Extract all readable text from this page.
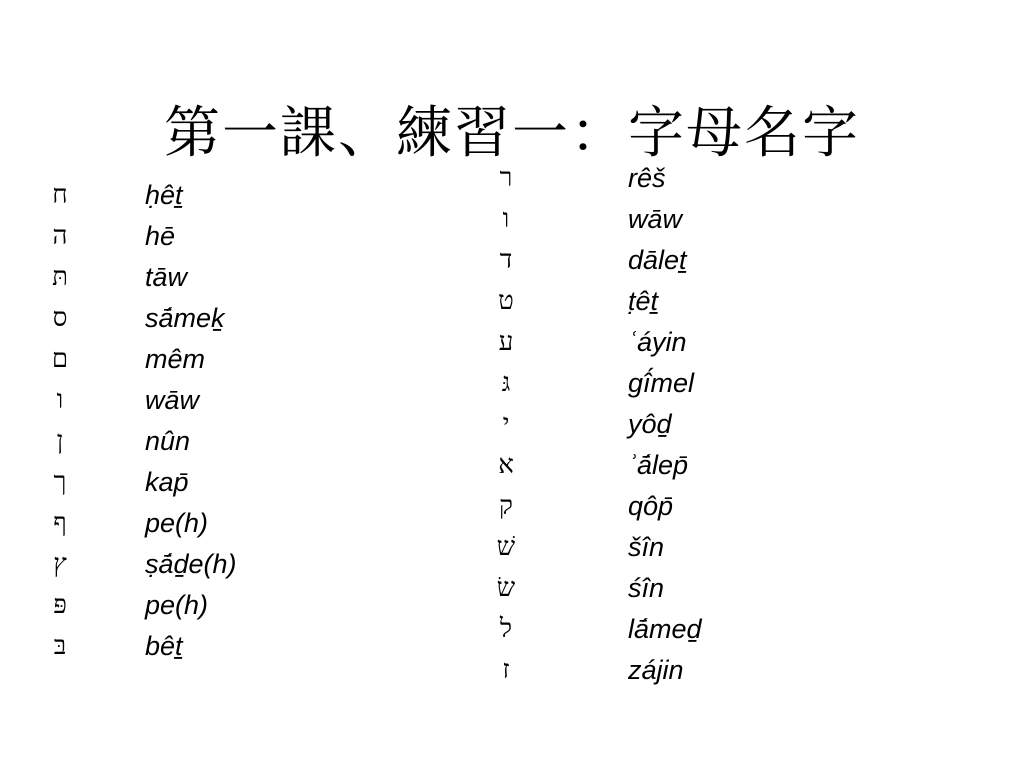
第一課、練習一：字母名字
ח	ḥêṯ
ה	hē
תּ	tāw
ס	sā́meḵ
ם	mêm
ו	wāw
ן	nûn
ך	kap̄
ף	pe(h)
ץ	ṣā́ḏe(h)
פּ	pe(h)
בּ	bêṯ
ר	rêš
ו	wāw
ד	dāleṯ
ט	ṭêṯ
ע	ʿáyin
גּ	gî́mel
י	yôḏ
א	ʾā́lep̄
ק	qôp̄
שׁ	šîn
שׂ	śîn
ל	lā́meḏ
ז	zájin
